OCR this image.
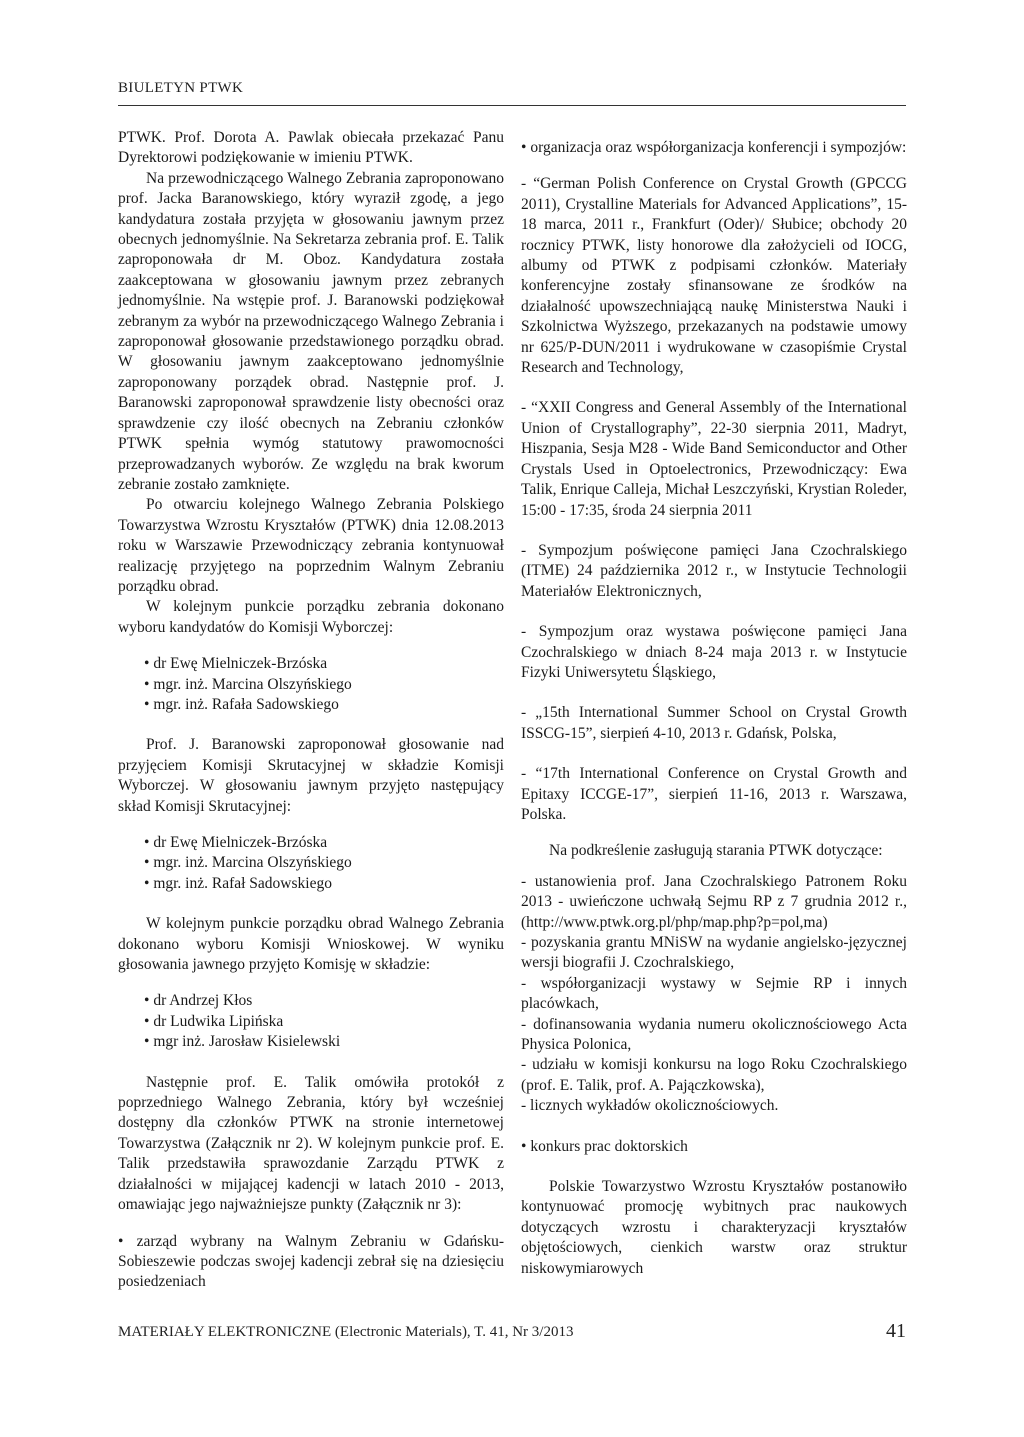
BIULETYN PTWK

PTWK. Prof. Dorota A. Pawlak obiecała przekazać Panu Dyrektorowi podziękowanie w imieniu PTWK.

Na przewodniczącego Walnego Zebrania zaproponowano prof. Jacka Baranowskiego, który wyraził zgodę, a jego kandydatura została przyjęta w głosowaniu jawnym przez obecnych jednomyślnie. Na Sekretarza zebrania prof. E. Talik zaproponowała dr M. Oboz. Kandydatura została zaakceptowana w głosowaniu jawnym przez zebranych jednomyślnie. Na wstępie prof. J. Baranowski podziękował zebranym za wybór na przewodniczącego Walnego Zebrania i zaproponował głosowanie przedstawionego porządku obrad. W głosowaniu jawnym zaakceptowano jednomyślnie zaproponowany porządek obrad. Następnie prof. J. Baranowski zaproponował sprawdzenie listy obecności oraz sprawdzenie czy ilość obecnych na Zebraniu członków PTWK spełnia wymóg statutowy prawomocności przeprowadzanych wyborów. Ze względu na brak kworum zebranie zostało zamknięte.

Po otwarciu kolejnego Walnego Zebrania Polskiego Towarzystwa Wzrostu Kryształów (PTWK) dnia 12.08.2013 roku w Warszawie Przewodniczący zebrania kontynuował realizację przyjętego na poprzednim Walnym Zebraniu porządku obrad.

W kolejnym punkcie porządku zebrania dokonano wyboru kandydatów do Komisji Wyborczej:

• dr Ewę Mielniczek-Brzóska
• mgr. inż. Marcina Olszyńskiego
• mgr. inż. Rafała Sadowskiego

Prof. J. Baranowski zaproponował głosowanie nad przyjęciem Komisji Skrutacyjnej w składzie Komisji Wyborczej. W głosowaniu jawnym przyjęto następujący skład Komisji Skrutacyjnej:

• dr Ewę Mielniczek-Brzóska
• mgr. inż. Marcina Olszyńskiego
• mgr. inż. Rafał Sadowskiego

W kolejnym punkcie porządku obrad Walnego Zebrania dokonano wyboru Komisji Wnioskowej. W wyniku głosowania jawnego przyjęto Komisję w składzie:

• dr Andrzej Kłos
• dr Ludwika Lipińska
• mgr inż. Jarosław Kisielewski

Następnie prof. E. Talik omówiła protokół z poprzedniego Walnego Zebrania, który był wcześniej dostępny dla członków PTWK na stronie internetowej Towarzystwa (Załącznik nr 2). W kolejnym punkcie prof. E. Talik przedstawiła sprawozdanie Zarządu PTWK z działalności w mijającej kadencji w latach 2010 - 2013, omawiając jego najważniejsze punkty (Załącznik nr 3):

• zarząd wybrany na Walnym Zebraniu w Gdańsku-Sobieszewie podczas swojej kadencji zebrał się na dziesięciu posiedzeniach

• organizacja oraz współorganizacja konferencji i sympozjów:

- “German Polish Conference on Crystal Growth (GPCCG 2011), Crystalline Materials for Advanced Applications”, 15-18 marca, 2011 r., Frankfurt (Oder)/ Słubice; obchody 20 rocznicy PTWK, listy honorowe dla założycieli od IOCG, albumy od PTWK z podpisami członków. Materiały konferencyjne zostały sfinansowane ze środków na działalność upowszechniającą naukę Ministerstwa Nauki i Szkolnictwa Wyższego, przekazanych na podstawie umowy nr 625/P-DUN/2011 i wydrukowane w czasopiśmie Crystal Research and Technology,

- “XXII Congress and General Assembly of the International Union of Crystallography”, 22-30 sierpnia 2011, Madryt, Hiszpania, Sesja M28 - Wide Band Semiconductor and Other Crystals Used in Optoelectronics, Przewodniczący: Ewa Talik, Enrique Calleja, Michał Leszczyński, Krystian Roleder, 15:00 - 17:35, środa 24 sierpnia 2011

- Sympozjum poświęcone pamięci Jana Czochralskiego (ITME) 24 października 2012 r., w Instytucie Technologii Materiałów Elektronicznych,

- Sympozjum oraz wystawa poświęcone pamięci Jana Czochralskiego w dniach 8-24 maja 2013 r. w Instytucie Fizyki Uniwersytetu Śląskiego,

- „15th International Summer School on Crystal Growth ISSCG-15”, sierpień 4-10, 2013 r. Gdańsk, Polska,

- “17th International Conference on Crystal Growth and Epitaxy ICCGE-17”, sierpień 11-16, 2013 r. Warszawa, Polska.

Na podkreślenie zasługują starania PTWK dotyczące:

- ustanowienia prof. Jana Czochralskiego Patronem Roku 2013 - uwieńczone uchwałą Sejmu RP z 7 grudnia 2012 r., (http://www.ptwk.org.pl/php/map.php?p=pol,ma)

- pozyskania grantu MNiSW na wydanie angielsko-języcznej wersji biografii J. Czochralskiego,

- współorganizacji wystawy w Sejmie RP i innych placówkach,

- dofinansowania wydania numeru okolicznościowego Acta Physica Polonica,

- udziału w komisji konkursu na logo Roku Czochralskiego (prof. E. Talik, prof. A. Pajączkowska),

- licznych wykładów okolicznościowych.

• konkurs prac doktorskich

Polskie Towarzystwo Wzrostu Kryształów postanowiło kontynuować promocję wybitnych prac naukowych dotyczących wzrostu i charakteryzacji kryształów objętościowych, cienkich warstw oraz struktur niskowymiarowych

MATERIAŁY ELEKTRONICZNE (Electronic Materials), T. 41, Nr 3/2013	41
